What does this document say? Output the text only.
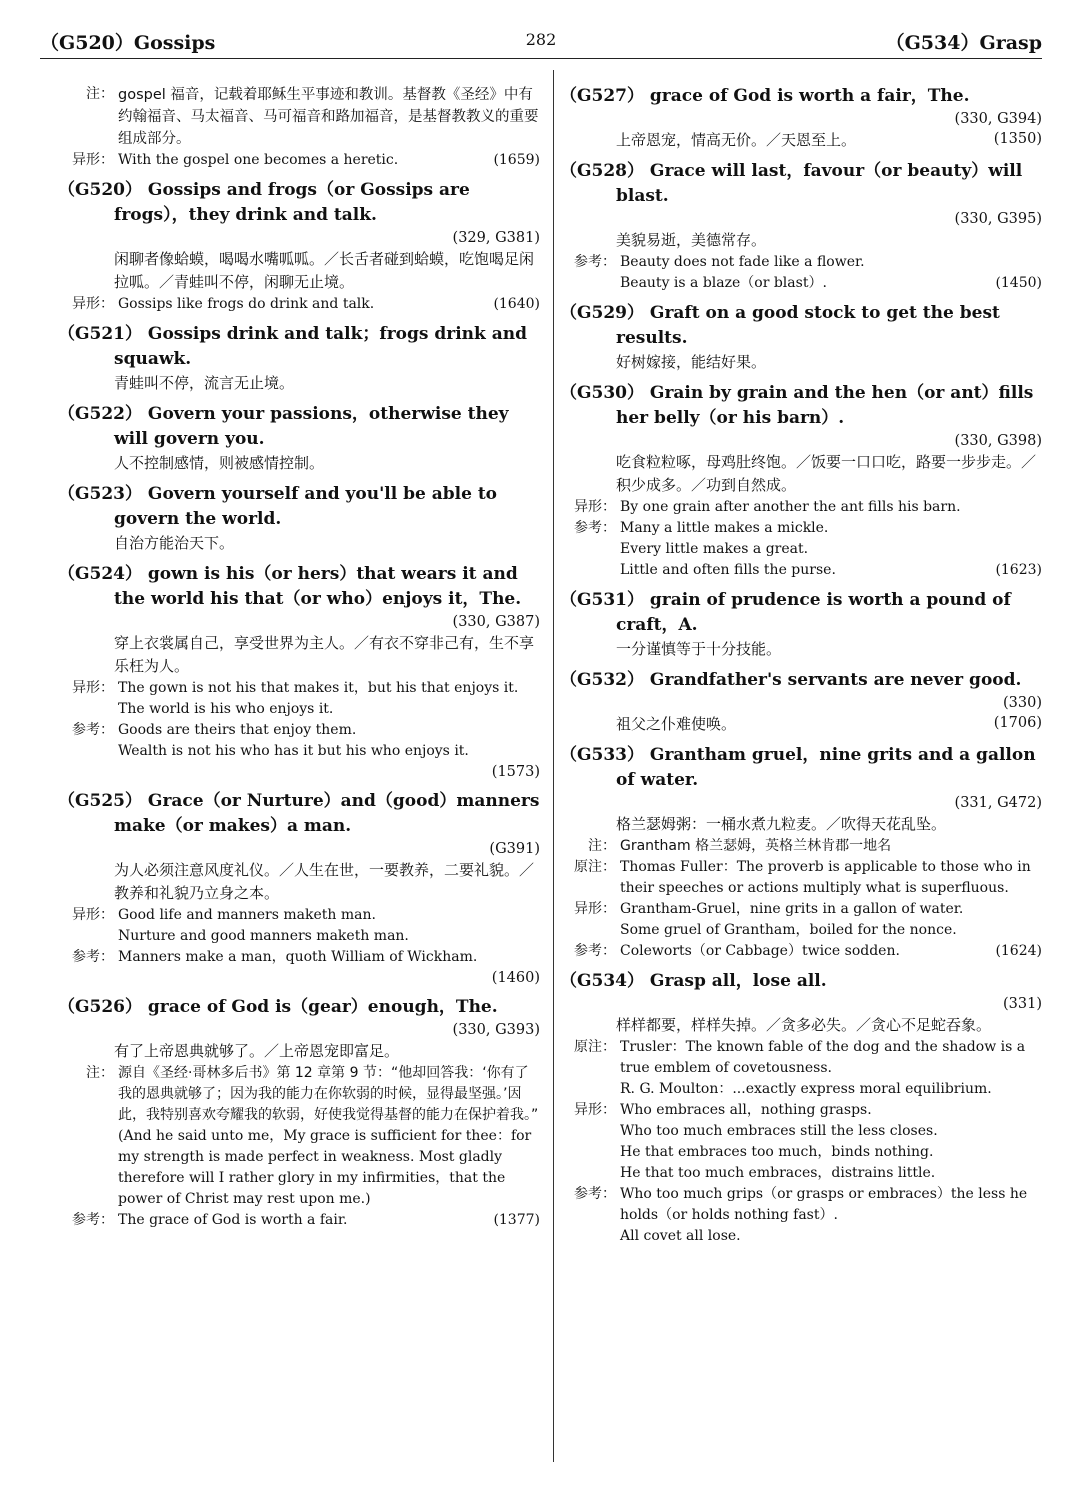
（G520）Gossips	282	（G534）Grasp
注： gospel 福音，记载着耶稣生平事迹和教训。基督教《圣经》中有约翰福音、马太福音、马可福音和路加福音，是基督教教义的重要组成部分。
异形： With the gospel one becomes a heretic.	(1659)
（G520） Gossips and frogs（or Gossips are frogs），they drink and talk.
(329, G381)
闲聊者像蛤蟆，喝喝水嘴呱呱。／长舌者碰到蛤蟆，吃饱喝足闲拉呱。／青蛙叫不停，闲聊无止境。
异形： Gossips like frogs do drink and talk.	(1640)
（G521） Gossips drink and talk；frogs drink and squawk.
青蛙叫不停，流言无止境。
（G522） Govern your passions，otherwise they will govern you.
人不控制感情，则被感情控制。
（G523） Govern yourself and you'll be able to govern the world.
自治方能治天下。
（G524） gown is his（or hers）that wears it and the world his that（or who）enjoys it，The.
(330, G387)
穿上衣裳属自己，享受世界为主人。／有衣不穿非己有，生不享乐枉为人。
异形： The gown is not his that makes it，but his that enjoys it.
The world is his who enjoys it.
参考： Goods are theirs that enjoy them.
Wealth is not his who has it but his who enjoys it.
(1573)
（G525） Grace（or Nurture）and（good）manners make（or makes）a man.
(G391)
为人必须注意风度礼仪。／人生在世，一要教养，二要礼貌。／教养和礼貌乃立身之本。
异形： Good life and manners maketh man.
Nurture and good manners maketh man.
参考： Manners make a man，quoth William of Wickham.
(1460)
（G526） grace of God is（gear）enough，The.
(330, G393)
有了上帝恩典就够了。／上帝恩宠即富足。
注： 源自《圣经·哥林多后书》第 12 章第 9 节：“他却回答我：‘你有了我的恩典就够了；因为我的能力在你软弱的时候，显得最坚强。’因此，我特别喜欢夸耀我的软弱，好使我觉得基督的能力在保护着我。” (And he said unto me，My grace is sufficient for thee：for my strength is made perfect in weakness. Most gladly therefore will I rather glory in my infirmities，that the power of Christ may rest upon me.)
参考： The grace of God is worth a fair.	(1377)
（G527） grace of God is worth a fair，The.
(330, G394)
上帝恩宠，情高无价。／天恩至上。	(1350)
（G528） Grace will last，favour（or beauty）will blast.
(330, G395)
美貌易逝，美德常存。
参考： Beauty does not fade like a flower.
Beauty is a blaze（or blast）.	(1450)
（G529） Graft on a good stock to get the best results.
好树嫁接，能结好果。
（G530） Grain by grain and the hen（or ant）fills her belly（or his barn）.
(330, G398)
吃食粒粒啄，母鸡肚终饱。／饭要一口口吃，路要一步步走。／积少成多。／功到自然成。
异形： By one grain after another the ant fills his barn.
参考： Many a little makes a mickle.
Every little makes a great.
Little and often fills the purse.	(1623)
（G531） grain of prudence is worth a pound of craft，A.
一分谨慎等于十分技能。
（G532） Grandfather's servants are never good.
(330)
祖父之仆难使唤。	(1706)
（G533） Grantham gruel，nine grits and a gallon of water.
(331, G472)
格兰瑟姆粥：一桶水煮九粒麦。／吹得天花乱坠。
注： Grantham 格兰瑟姆，英格兰林肯郡一地名
原注： Thomas Fuller：The proverb is applicable to those who in their speeches or actions multiply what is superfluous.
异形： Grantham-Gruel，nine grits in a gallon of water.
Some gruel of Grantham，boiled for the nonce.
参考： Coleworts（or Cabbage）twice sodden.	(1624)
（G534） Grasp all，lose all.
(331)
样样都要，样样失掉。／贪多必失。／贪心不足蛇吞象。
原注： Trusler：The known fable of the dog and the shadow is a true emblem of covetousness.
R. G. Moulton：...exactly express moral equilibrium.
异形： Who embraces all，nothing grasps.
Who too much embraces still the less closes.
He that embraces too much，binds nothing.
He that too much embraces，distrains little.
参考： Who too much grips（or grasps or embraces）the less he holds（or holds nothing fast）.
All covet all lose.
